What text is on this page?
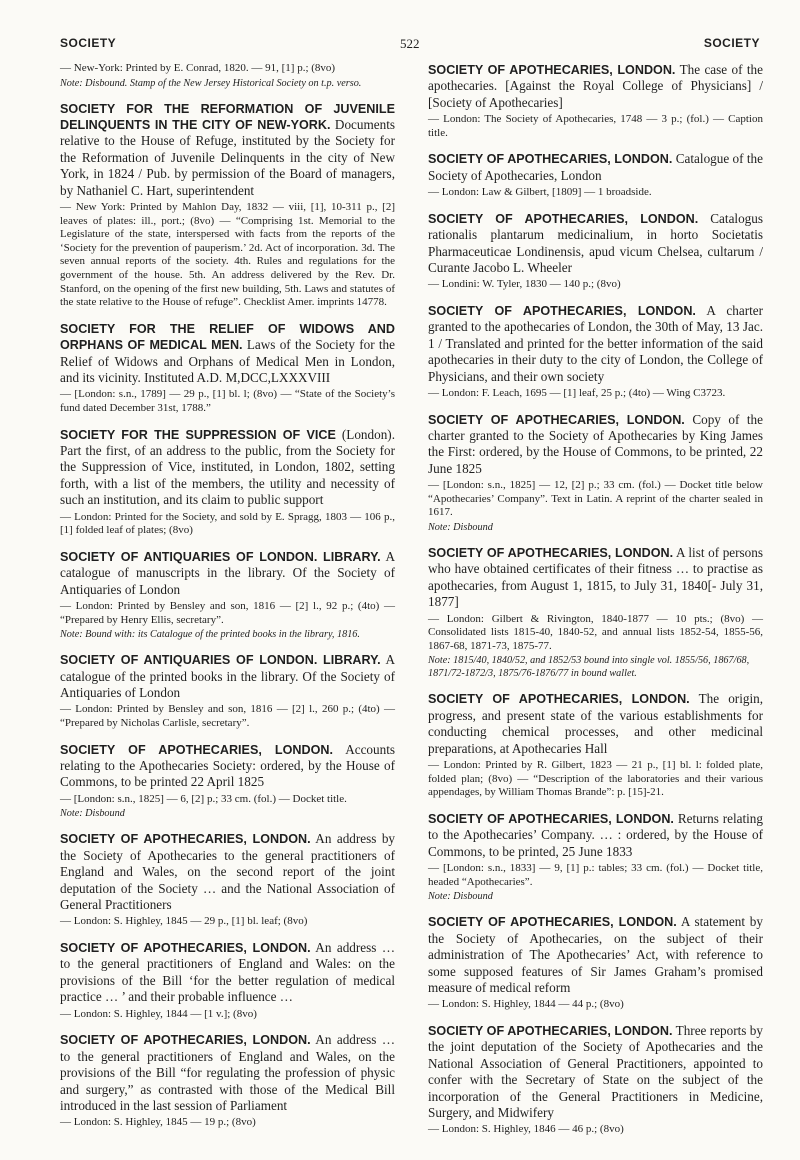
SOCIETY	522	SOCIETY
— New-York: Printed by E. Conrad, 1820. — 91, [1] p.; (8vo)
Note: Disbound. Stamp of the New Jersey Historical Society on t.p. verso.
SOCIETY FOR THE REFORMATION OF JUVENILE DELINQUENTS IN THE CITY OF NEW-YORK. Documents relative to the House of Refuge, instituted by the Society for the Reformation of Juvenile Delinquents in the city of New York, in 1824 / Pub. by permission of the Board of managers, by Nathaniel C. Hart, superintendent
— New York: Printed by Mahlon Day, 1832 — viii, [1], 10-311 p., [2] leaves of plates: ill., port.; (8vo) — “Comprising 1st. Memorial to the Legislature of the state, interspersed with facts from the reports of the ‘Society for the prevention of pauperism.’ 2d. Act of incorporation. 3d. The seven annual reports of the society. 4th. Rules and regulations for the government of the house. 5th. An address delivered by the Rev. Dr. Stanford, on the opening of the first new building, 5th. Laws and statutes of the state relative to the House of refuge”. Checklist Amer. imprints 14778.
SOCIETY FOR THE RELIEF OF WIDOWS AND ORPHANS OF MEDICAL MEN. Laws of the Society for the Relief of Widows and Orphans of Medical Men in London, and its vicinity. Instituted A.D. M,DCC,LXXXVIII
— [London: s.n., 1789] — 29 p., [1] bl. l; (8vo) — “State of the Society’s fund dated December 31st, 1788.”
SOCIETY FOR THE SUPPRESSION OF VICE (London). Part the first, of an address to the public, from the Society for the Suppression of Vice, instituted, in London, 1802, setting forth, with a list of the members, the utility and necessity of such an institution, and its claim to public support
— London: Printed for the Society, and sold by E. Spragg, 1803 — 106 p., [1] folded leaf of plates; (8vo)
SOCIETY OF ANTIQUARIES OF LONDON. LIBRARY. A catalogue of manuscripts in the library. Of the Society of Antiquaries of London
— London: Printed by Bensley and son, 1816 — [2] l., 92 p.; (4to) — “Prepared by Henry Ellis, secretary”.
Note: Bound with: its Catalogue of the printed books in the library, 1816.
SOCIETY OF ANTIQUARIES OF LONDON. LIBRARY. A catalogue of the printed books in the library. Of the Society of Antiquaries of London
— London: Printed by Bensley and son, 1816 — [2] l., 260 p.; (4to) — “Prepared by Nicholas Carlisle, secretary”.
SOCIETY OF APOTHECARIES, LONDON. Accounts relating to the Apothecaries Society: ordered, by the House of Commons, to be printed 22 April 1825
— [London: s.n., 1825] — 6, [2] p.; 33 cm. (fol.) — Docket title.
Note: Disbound
SOCIETY OF APOTHECARIES, LONDON. An address by the Society of Apothecaries to the general practitioners of England and Wales, on the second report of the joint deputation of the Society … and the National Association of General Practitioners
— London: S. Highley, 1845 — 29 p., [1] bl. leaf; (8vo)
SOCIETY OF APOTHECARIES, LONDON. An address … to the general practitioners of England and Wales: on the provisions of the Bill ‘for the better regulation of medical practice … ’ and their probable influence …
— London: S. Highley, 1844 — [1 v.]; (8vo)
SOCIETY OF APOTHECARIES, LONDON. An address … to the general practitioners of England and Wales, on the provisions of the Bill “for regulating the profession of physic and surgery,” as contrasted with those of the Medical Bill introduced in the last session of Parliament
— London: S. Highley, 1845 — 19 p.; (8vo)
SOCIETY OF APOTHECARIES, LONDON. The case of the apothecaries. [Against the Royal College of Physicians] / [Society of Apothecaries]
— London: The Society of Apothecaries, 1748 — 3 p.; (fol.) — Caption title.
SOCIETY OF APOTHECARIES, LONDON. Catalogue of the Society of Apothecaries, London
— London: Law & Gilbert, [1809] — 1 broadside.
SOCIETY OF APOTHECARIES, LONDON. Catalogus rationalis plantarum medicinalium, in horto Societatis Pharmaceuticae Londinensis, apud vicum Chelsea, cultarum / Curante Jacobo L. Wheeler
— Londini: W. Tyler, 1830 — 140 p.; (8vo)
SOCIETY OF APOTHECARIES, LONDON. A charter granted to the apothecaries of London, the 30th of May, 13 Jac. 1 / Translated and printed for the better information of the said apothecaries in their duty to the city of London, the College of Physicians, and their own society
— London: F. Leach, 1695 — [1] leaf, 25 p.; (4to) — Wing C3723.
SOCIETY OF APOTHECARIES, LONDON. Copy of the charter granted to the Society of Apothecaries by King James the First: ordered, by the House of Commons, to be printed, 22 June 1825
— [London: s.n., 1825] — 12, [2] p.; 33 cm. (fol.) — Docket title below “Apothecaries’ Company”. Text in Latin. A reprint of the charter sealed in 1617.
Note: Disbound
SOCIETY OF APOTHECARIES, LONDON. A list of persons who have obtained certificates of their fitness … to practise as apothecaries, from August 1, 1815, to July 31, 1840[- July 31, 1877]
— London: Gilbert & Rivington, 1840-1877 — 10 pts.; (8vo) — Consolidated lists 1815-40, 1840-52, and annual lists 1852-54, 1855-56, 1867-68, 1871-73, 1875-77.
Note: 1815/40, 1840/52, and 1852/53 bound into single vol. 1855/56, 1867/68, 1871/72-1872/3, 1875/76-1876/77 in bound wallet.
SOCIETY OF APOTHECARIES, LONDON. The origin, progress, and present state of the various establishments for conducting chemical processes, and other medicinal preparations, at Apothecaries Hall
— London: Printed by R. Gilbert, 1823 — 21 p., [1] bl. l: folded plate, folded plan; (8vo) — “Description of the laboratories and their various appendages, by William Thomas Brande”: p. [15]-21.
SOCIETY OF APOTHECARIES, LONDON. Returns relating to the Apothecaries’ Company. … : ordered, by the House of Commons, to be printed, 25 June 1833
— [London: s.n., 1833] — 9, [1] p.: tables; 33 cm. (fol.) — Docket title, headed “Apothecaries”.
Note: Disbound
SOCIETY OF APOTHECARIES, LONDON. A statement by the Society of Apothecaries, on the subject of their administration of The Apothecaries’ Act, with reference to some supposed features of Sir James Graham’s promised measure of medical reform
— London: S. Highley, 1844 — 44 p.; (8vo)
SOCIETY OF APOTHECARIES, LONDON. Three reports by the joint deputation of the Society of Apothecaries and the National Association of General Practitioners, appointed to confer with the Secretary of State on the subject of the incorporation of the General Practitioners in Medicine, Surgery, and Midwifery
— London: S. Highley, 1846 — 46 p.; (8vo)
